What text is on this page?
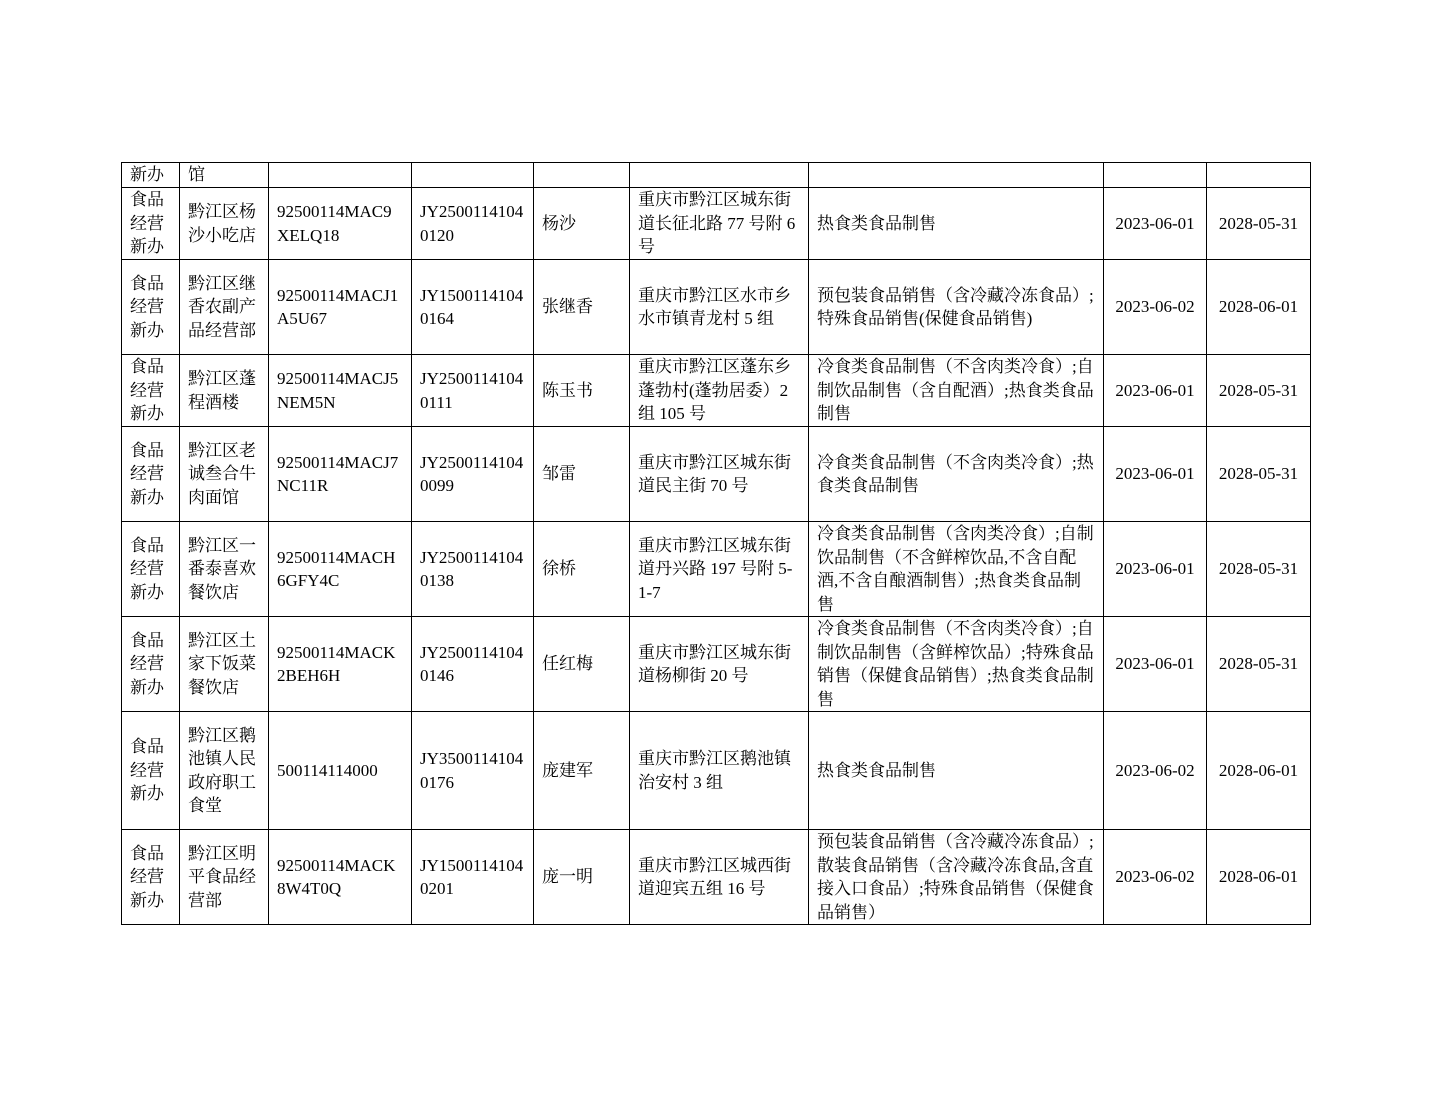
新办	馆							
食品经营新办	黔江区杨沙小吃店	92500114MAC9XELQ18	JY25001141040120	杨沙	重庆市黔江区城东街道长征北路 77 号附 6 号	热食类食品制售	2023-06-01	2028-05-31
食品经营新办	黔江区继香农副产品经营部	92500114MACJ1A5U67	JY15001141040164	张继香	重庆市黔江区水市乡水市镇青龙村 5 组	预包装食品销售（含冷藏冷冻食品）;特殊食品销售(保健食品销售)	2023-06-02	2028-06-01
食品经营新办	黔江区蓬程酒楼	92500114MACJ5NEM5N	JY25001141040111	陈玉书	重庆市黔江区蓬东乡蓬勃村(蓬勃居委）2 组 105 号	冷食类食品制售（不含肉类冷食）;自制饮品制售（含自配酒）;热食类食品制售	2023-06-01	2028-05-31
食品经营新办	黔江区老诚叁合牛肉面馆	92500114MACJ7NC11R	JY25001141040099	邹雷	重庆市黔江区城东街道民主街 70 号	冷食类食品制售（不含肉类冷食）;热食类食品制售	2023-06-01	2028-05-31
食品经营新办	黔江区一番泰喜欢餐饮店	92500114MACH6GFY4C	JY25001141040138	徐桥	重庆市黔江区城东街道丹兴路 197 号附 5-1-7	冷食类食品制售（含肉类冷食）;自制饮品制售（不含鲜榨饮品,不含自配酒,不含自酿酒制售）;热食类食品制售	2023-06-01	2028-05-31
食品经营新办	黔江区土家下饭菜餐饮店	92500114MACK2BEH6H	JY25001141040146	任红梅	重庆市黔江区城东街道杨柳街 20 号	冷食类食品制售（不含肉类冷食）;自制饮品制售（含鲜榨饮品）;特殊食品销售（保健食品销售）;热食类食品制售	2023-06-01	2028-05-31
食品经营新办	黔江区鹅池镇人民政府职工食堂	500114114000	JY35001141040176	庞建军	重庆市黔江区鹅池镇治安村 3 组	热食类食品制售	2023-06-02	2028-06-01
食品经营新办	黔江区明平食品经营部	92500114MACK8W4T0Q	JY15001141040201	庞一明	重庆市黔江区城西街道迎宾五组 16 号	预包装食品销售（含冷藏冷冻食品）;散装食品销售（含冷藏冷冻食品,含直接入口食品）;特殊食品销售（保健食品销售）	2023-06-02	2028-06-01
